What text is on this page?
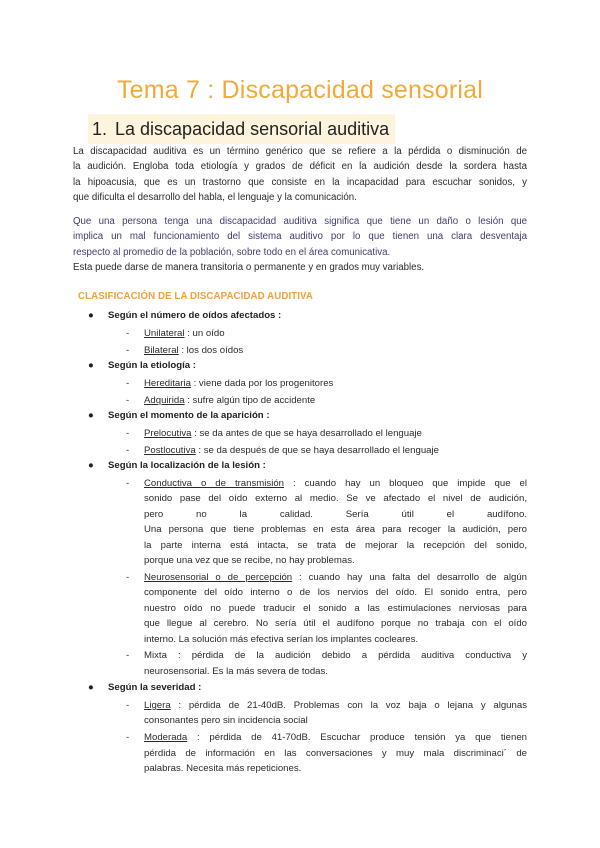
Tema 7 : Discapacidad sensorial
1. La discapacidad sensorial auditiva

La discapacidad auditiva es un término genérico que se refiere a la pérdida o disminución de
la audición. Engloba toda etiología y grados de déficit en la audición desde la sordera hasta
la hipoacusia, que es un trastorno que consiste en la incapacidad para escuchar sonidos, y
que dificulta el desarrollo del habla, el lenguaje y la comunicación.

Que una persona tenga una discapacidad auditiva significa que tiene un daño o lesión que
implica un mal funcionamiento del sistema auditivo por lo que tienen una clara desventaja
respecto al promedio de la población, sobre todo en el área comunicativa.

Esta puede darse de manera transitoria o permanente y en grados muy variables.

CLASIFICACIÓN DE LA DISCAPACIDAD AUDITIVA
● Según el número de oídos afectados :
- Unilateral : un oído
- Bilateral : los dos oídos
● Según la etiología :
- Hereditaria : viene dada por los progenitores
- Adquirida : sufre algún tipo de accidente
● Según el momento de la aparición :
- Prelocutiva : se da antes de que se haya desarrollado el lenguaje
- Postlocutiva : se da después de que se haya desarrollado el lenguaje
● Según la localización de la lesión :
- Conductiva o de transmisión : cuando hay un bloqueo que impide que el
sonido pase del oído externo al medio. Se ve afectado el nivel de audición,
pero no la calidad. Sería útil el audífono.
Una persona que tiene problemas en esta área para recoger la audición, pero
la parte interna está intacta, se trata de mejorar la recepción del sonido,
porque una vez que se recibe, no hay problemas.
- Neurosensorial o de percepción : cuando hay una falta del desarrollo de algún
componente del oído interno o de los nervios del oído. El sonido entra, pero
nuestro oído no puede traducir el sonido a las estimulaciones nerviosas para
que llegue al cerebro. No sería útil el audífono porque no trabaja con el oído
interno. La solución más efectiva serían los implantes cocleares.
- Mixta : pérdida de la audición debido a pérdida auditiva conductiva y
neurosensorial. Es la más severa de todas.
● Según la severidad :
- Ligera : pérdida de 21-40dB. Problemas con la voz baja o lejana y algunas
consonantes pero sin incidencia social
- Moderada : pérdida de 41-70dB. Escuchar produce tensión ya que tienen
pérdida de información en las conversaciones y muy mala discriminaci´ de
palabras. Necesita más repeticiones.
